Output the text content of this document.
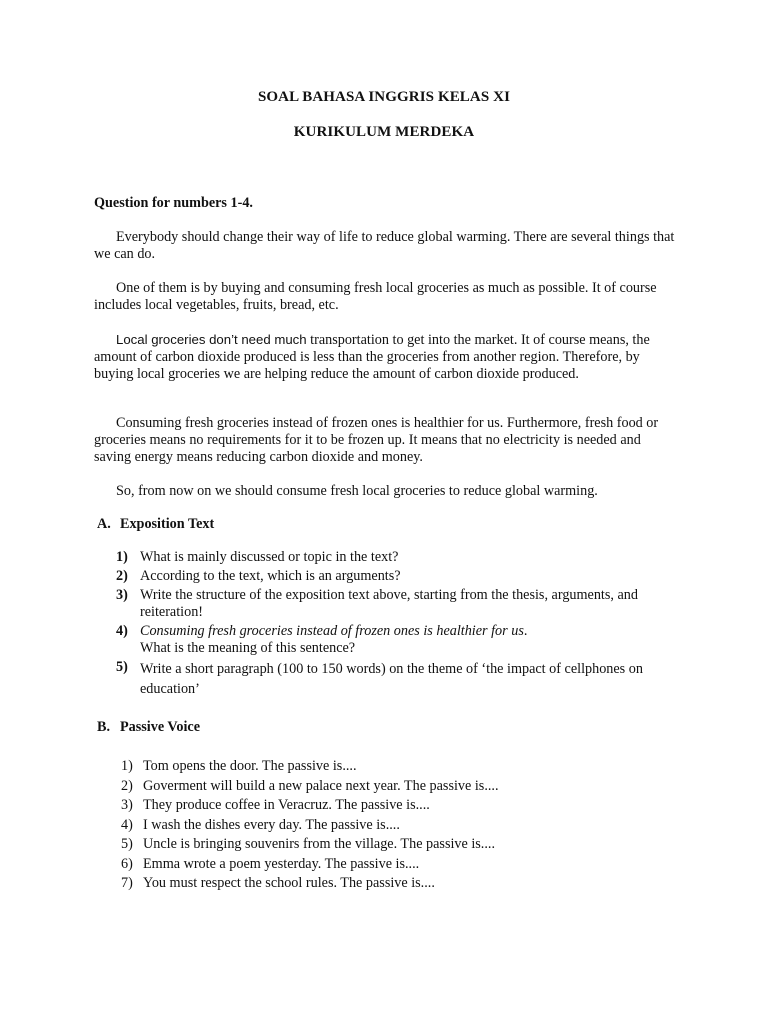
SOAL BAHASA INGGRIS KELAS XI
KURIKULUM MERDEKA
Question for numbers 1-4.

Everybody should change their way of life to reduce global warming. There are several things that we can do.

One of them is by buying and consuming fresh local groceries as much as possible. It of course includes local vegetables, fruits, bread, etc.

Local groceries don’t need much transportation to get into the market. It of course means, the amount of carbon dioxide produced is less than the groceries from another region. Therefore, by buying local groceries we are helping reduce the amount of carbon dioxide produced.

Consuming fresh groceries instead of frozen ones is healthier for us. Furthermore, fresh food or groceries means no requirements for it to be frozen up. It means that no electricity is needed and saving energy means reducing carbon dioxide and money.

So, from now on we should consume fresh local groceries to reduce global warming.

A. Exposition Text
1) What is mainly discussed or topic in the text?
2) According to the text, which is an arguments?
3) Write the structure of the exposition text above, starting from the thesis, arguments, and reiteration!
4) Consuming fresh groceries instead of frozen ones is healthier for us.
What is the meaning of this sentence?
5) Write a short paragraph (100 to 150 words) on the theme of ‘the impact of cellphones on education’
B. Passive Voice
1) Tom opens the door. The passive is....
2) Goverment will build a new palace next year. The passive is....
3) They produce coffee in Veracruz. The passive is....
4) I wash the dishes every day. The passive is....
5) Uncle is bringing souvenirs from the village. The passive is....
6) Emma wrote a poem yesterday. The passive is....
7) You must respect the school rules. The passive is....
